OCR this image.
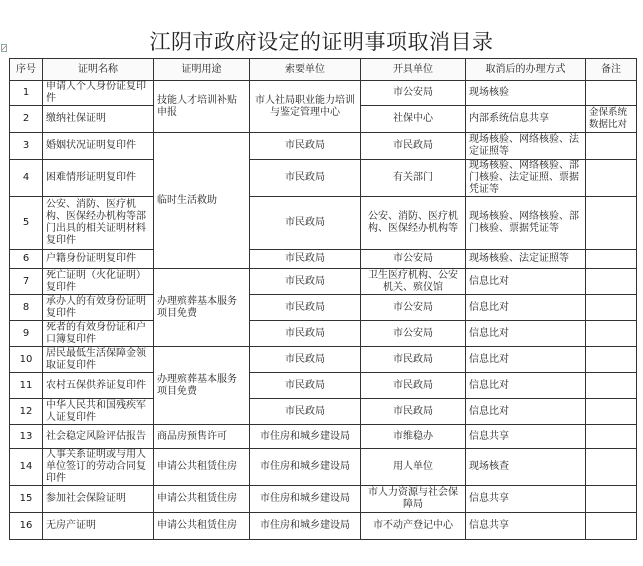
江阴市政府设定的证明事项取消目录
序号	证明名称	证明用途	索要单位	开具单位	取消后的办理方式	备注
1	申请人个人身份证复印件	技能人才培训补贴申报	市人社局职业能力培训与鉴定管理中心	市公安局	现场核验	
2	缴纳社保证明			社保中心	内部系统信息共享	金保系统数据比对
3	婚姻状况证明复印件	临时生活救助	市民政局	市民政局	现场核验、网络核验、法定证照等	
4	困难情形证明复印件		市民政局	有关部门	现场核验、网络核验、部门核验、法定证照、票据凭证等	
5	公安、消防、医疗机构、医保经办机构等部门出具的相关证明材料复印件		市民政局	公安、消防、医疗机构、医保经办机构等	现场核验、网络核验、部门核验、票据凭证等	
6	户籍身份证明复印件		市民政局	市公安局	现场核验、法定证照等	
7	死亡证明（火化证明）复印件	办理殡葬基本服务项目免费	市民政局	卫生医疗机构、公安机关、殡仪馆	信息比对	
8	承办人的有效身份证明复印件		市民政局	市公安局	信息比对	
9	死者的有效身份证和户口簿复印件		市民政局	市公安局	信息比对	
10	居民最低生活保障金领取证复印件	办理殡葬基本服务项目免费	市民政局	市民政局	信息比对	
11	农村五保供养证复印件		市民政局	市民政局	信息比对	
12	中华人民共和国残疾军人证复印件		市民政局	市民政局	信息比对	
13	社会稳定风险评估报告	商品房预售许可	市住房和城乡建设局	市维稳办	信息共享	
14	人事关系证明或与用人单位签订的劳动合同复印件	申请公共租赁住房	市住房和城乡建设局	用人单位	现场核查	
15	参加社会保险证明	申请公共租赁住房	市住房和城乡建设局	市人力资源与社会保障局	信息共享	
16	无房产证明	申请公共租赁住房	市住房和城乡建设局	市不动产登记中心	信息共享	
